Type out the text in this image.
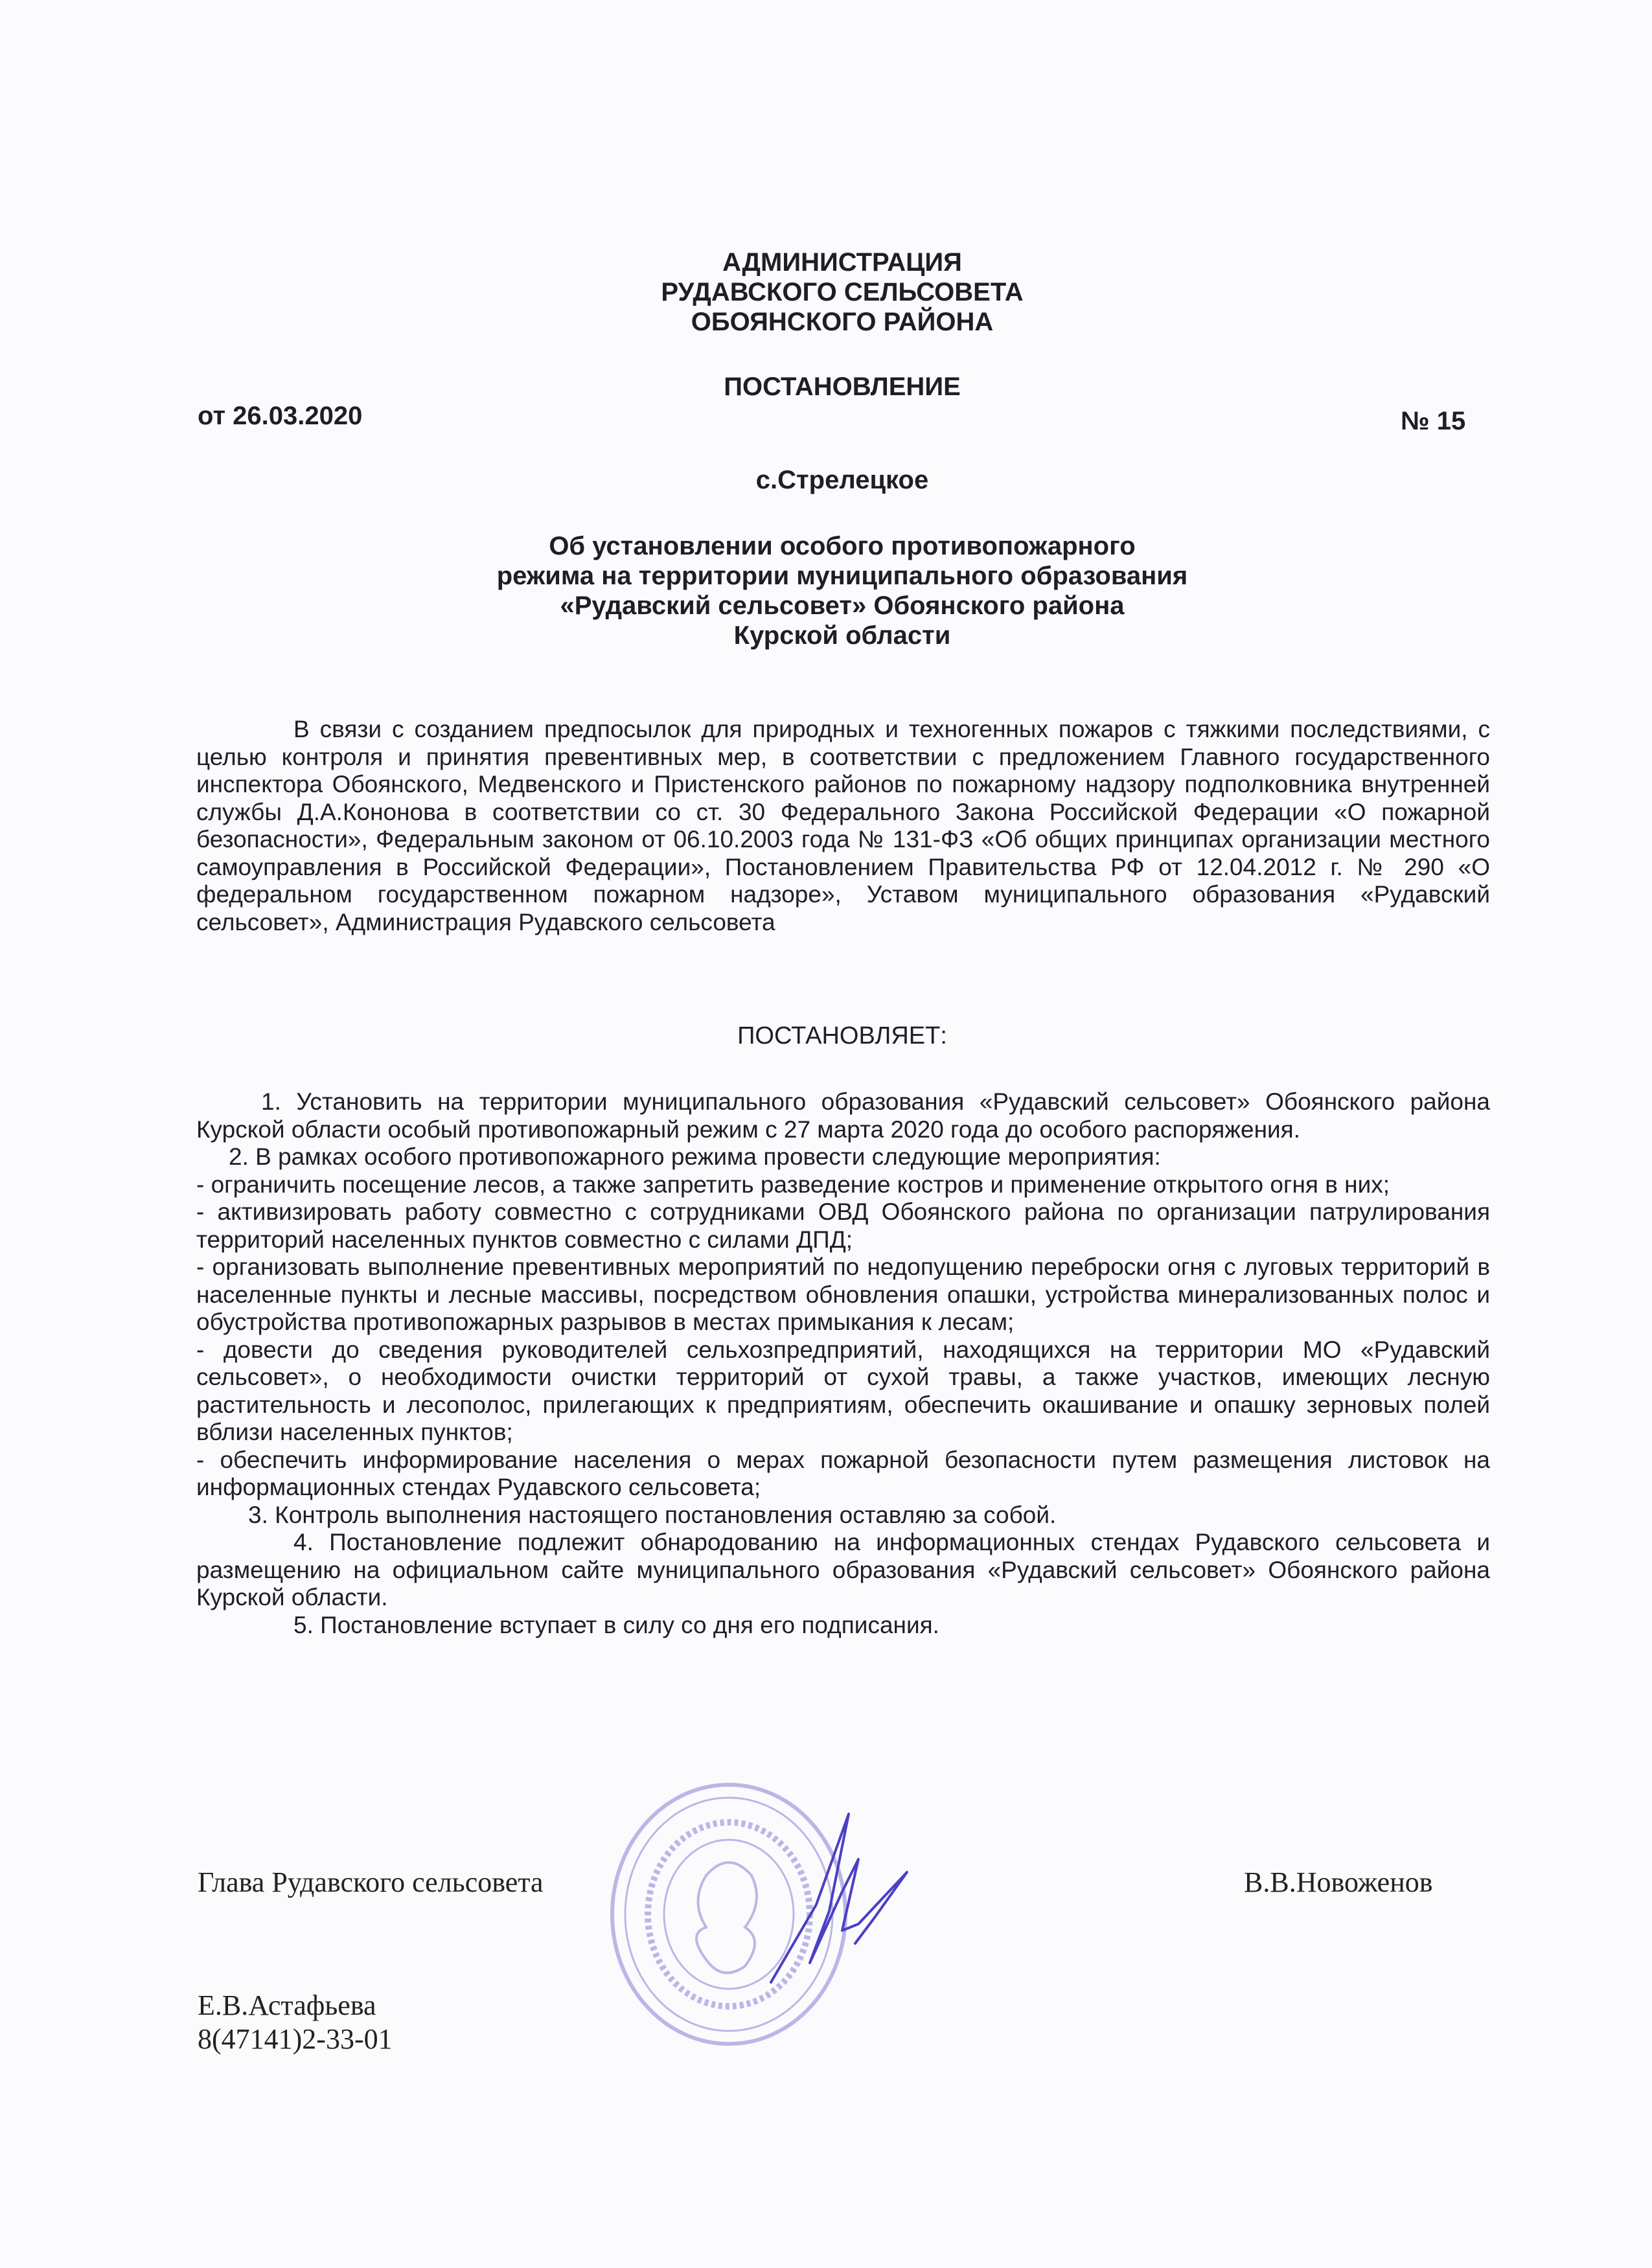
АДМИНИСТРАЦИЯ
РУДАВСКОГО СЕЛЬСОВЕТА
ОБОЯНСКОГО РАЙОНА
ПОСТАНОВЛЕНИЕ
от 26.03.2020	№ 15
с.Стрелецкое
Об установлении особого противопожарного
режима на территории муниципального образования
«Рудавский сельсовет» Обоянского района
Курской области

В связи с созданием предпосылок для природных и техногенных пожаров с тяжкими последствиями, с целью контроля и принятия превентивных мер, в соответствии с предложением Главного государственного инспектора Обоянского, Медвенского и Пристенского районов по пожарному надзору подполковника внутренней службы Д.А.Кононова в соответствии со ст. 30 Федерального Закона Российской Федерации «О пожарной безопасности», Федеральным законом от 06.10.2003 года № 131-ФЗ «Об общих принципах организации местного самоуправления в Российской Федерации», Постановлением Правительства РФ от 12.04.2012 г. № 290 «О федеральном государственном пожарном надзоре», Уставом муниципального образования «Рудавский сельсовет», Администрация Рудавского сельсовета

ПОСТАНОВЛЯЕТ:

1. Установить на территории муниципального образования «Рудавский сельсовет» Обоянского района Курской области особый противопожарный режим с 27 марта 2020 года до особого распоряжения.

2. В рамках особого противопожарного режима провести следующие мероприятия:

- ограничить посещение лесов, а также запретить разведение костров и применение открытого огня в них;

- активизировать работу совместно с сотрудниками ОВД Обоянского района по организации патрулирования территорий населенных пунктов совместно с силами ДПД;

- организовать выполнение превентивных мероприятий по недопущению переброски огня с луговых территорий в населенные пункты и лесные массивы, посредством обновления опашки, устройства минерализованных полос и обустройства противопожарных разрывов в местах примыкания к лесам;

- довести до сведения руководителей сельхозпредприятий, находящихся на территории МО «Рудавский сельсовет», о необходимости очистки территорий от сухой травы, а также участков, имеющих лесную растительность и лесополос, прилегающих к предприятиям, обеспечить окашивание и опашку зерновых полей вблизи населенных пунктов;

- обеспечить информирование населения о мерах пожарной безопасности путем размещения листовок на информационных стендах Рудавского сельсовета;

3. Контроль выполнения настоящего постановления оставляю за собой.

4. Постановление подлежит обнародованию на информационных стендах Рудавского сельсовета и размещению на официальном сайте муниципального образования «Рудавский сельсовет» Обоянского района Курской области.

5. Постановление вступает в силу со дня его подписания.

Глава Рудавского сельсовета	В.В.Новоженов
Е.В.Астафьева
8(47141)2-33-01
